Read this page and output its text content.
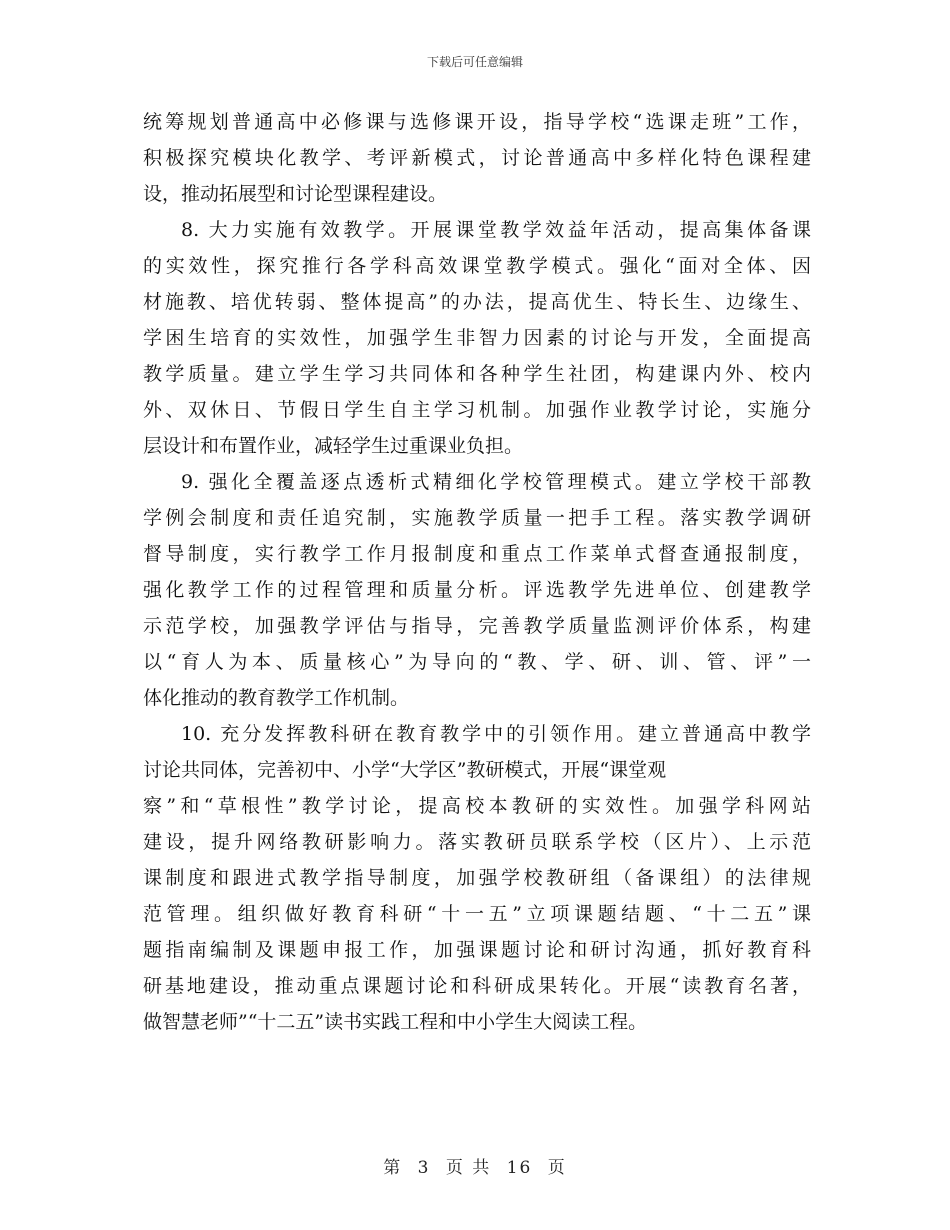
下载后可任意编辑
统筹规划普通高中必修课与选修课开设，指导学校“选课走班”工作，
积极探究模块化教学、考评新模式，讨论普通高中多样化特色课程建
设，推动拓展型和讨论型课程建设。
8. 大力实施有效教学。开展课堂教学效益年活动，提高集体备课
的实效性，探究推行各学科高效课堂教学模式。强化“面对全体、因
材施教、培优转弱、整体提高”的办法，提高优生、特长生、边缘生、
学困生培育的实效性，加强学生非智力因素的讨论与开发，全面提高
教学质量。建立学生学习共同体和各种学生社团，构建课内外、校内
外、双休日、节假日学生自主学习机制。加强作业教学讨论，实施分
层设计和布置作业，减轻学生过重课业负担。
9. 强化全覆盖逐点透析式精细化学校管理模式。建立学校干部教
学例会制度和责任追究制，实施教学质量一把手工程。落实教学调研
督导制度，实行教学工作月报制度和重点工作菜单式督查通报制度，
强化教学工作的过程管理和质量分析。评选教学先进单位、创建教学
示范学校，加强教学评估与指导，完善教学质量监测评价体系，构建
以“育人为本、质量核心”为导向的“教、学、研、训、管、评”一
体化推动的教育教学工作机制。
10. 充分发挥教科研在教育教学中的引领作用。建立普通高中教学
讨论共同体，完善初中、小学“大学区”教研模式，开展“课堂观
察”和“草根性”教学讨论，提高校本教研的实效性。加强学科网站
建设，提升网络教研影响力。落实教研员联系学校（区片）、上示范
课制度和跟进式教学指导制度，加强学校教研组（备课组）的法律规
范管理。组织做好教育科研“十一五”立项课题结题、“十二五”课
题指南编制及课题申报工作，加强课题讨论和研讨沟通，抓好教育科
研基地建设，推动重点课题讨论和科研成果转化。开展“读教育名著，
做智慧老师”“十二五”读书实践工程和中小学生大阅读工程。
第 3 页 共 16 页
